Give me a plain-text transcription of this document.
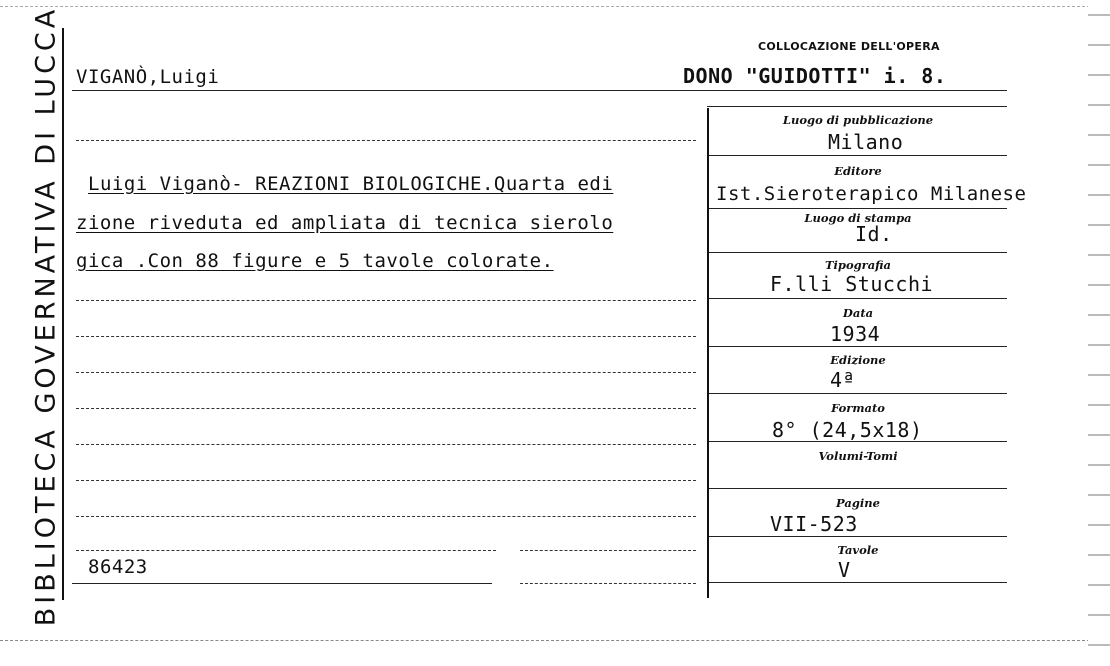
BIBLIOTECA GOVERNATIVA DI LUCCA	COLLOCAZIONE DELL'OPERA
VIGANÒ,Luigi	DONO "GUIDOTTI" i. 8.
Luigi Viganò- REAZIONI BIOLOGICHE.Quarta edi
zione riveduta ed ampliata di tecnica sierolo
gica .Con 88 figure e 5 tavole colorate.
86423
Luogo di pubblicazione
Milano
Editore
Ist.Sieroterapico Milanese
Luogo di stampa
Id.
Tipografia
F.lli Stucchi
Data
1934
Edizione
4ª
Formato
8° (24,5x18)
Volumi-Tomi
Pagine
VII-523
Tavole
V
